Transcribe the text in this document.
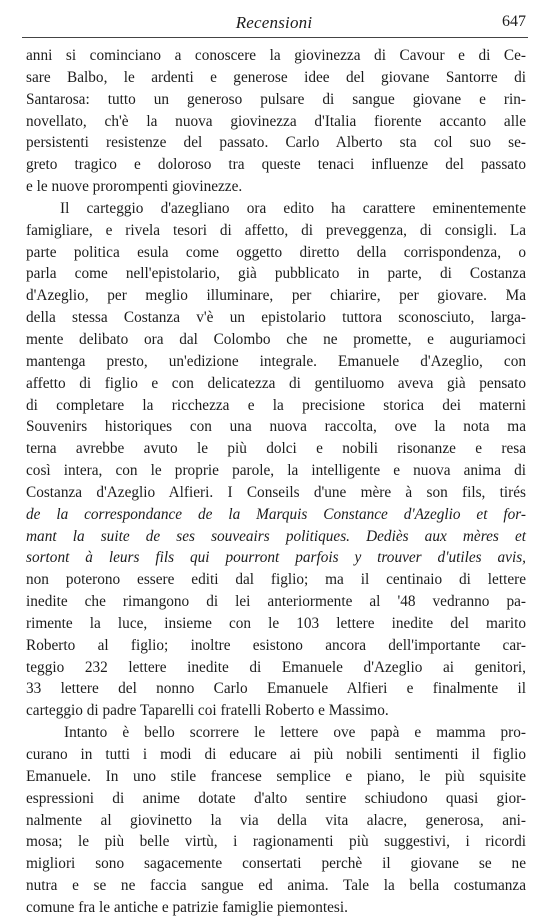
Recensioni	647
anni si cominciano a conoscere la giovinezza di Cavour e di Ce-
sare Balbo, le ardenti e generose idee del giovane Santorre di
Santarosa: tutto un generoso pulsare di sangue giovane e rin-
novellato, ch'è la nuova giovinezza d'Italia fiorente accanto alle
persistenti resistenze del passato. Carlo Alberto sta col suo se-
greto tragico e doloroso tra queste tenaci influenze del passato
e le nuove prorompenti giovinezze.
Il carteggio d'azegliano ora edito ha carattere eminentemente
famigliare, e rivela tesori di affetto, di preveggenza, di consigli. La
parte politica esula come oggetto diretto della corrispondenza, o
parla come nell'epistolario, già pubblicato in parte, di Costanza
d'Azeglio, per meglio illuminare, per chiarire, per giovare. Ma
della stessa Costanza v'è un epistolario tuttora sconosciuto, larga-
mente delibato ora dal Colombo che ne promette, e auguriamoci
mantenga presto, un'edizione integrale. Emanuele d'Azeglio, con
affetto di figlio e con delicatezza di gentiluomo aveva già pensato
di completare la ricchezza e la precisione storica dei materni
Souvenirs historiques con una nuova raccolta, ove la nota ma
terna avrebbe avuto le più dolci e nobili risonanze e resa
così intera, con le proprie parole, la intelligente e nuova anima di
Costanza d'Azeglio Alfieri. I Conseils d'une mère à son fils, tirés
de la correspondance de la Marquis Constance d'Azeglio et for-
mant la suite de ses souveairs politiques. Dediès aux mères et
sortont à leurs fils qui pourront parfois y trouver d'utiles avis,
non poterono essere editi dal figlio; ma il centinaio di lettere
inedite che rimangono di lei anteriormente al '48 vedranno pa-
rimente la luce, insieme con le 103 lettere inedite del marito
Roberto al figlio; inoltre esistono ancora dell'importante car-
teggio 232 lettere inedite di Emanuele d'Azeglio ai genitori,
33 lettere del nonno Carlo Emanuele Alfieri e finalmente il
carteggio di padre Taparelli coi fratelli Roberto e Massimo.
Intanto è bello scorrere le lettere ove papà e mamma pro-
curano in tutti i modi di educare ai più nobili sentimenti il figlio
Emanuele. In uno stile francese semplice e piano, le più squisite
espressioni di anime dotate d'alto sentire schiudono quasi gior-
nalmente al giovinetto la via della vita alacre, generosa, ani-
mosa; le più belle virtù, i ragionamenti più suggestivi, i ricordi
migliori sono sagacemente consertati perchè il giovane se ne
nutra e se ne faccia sangue ed anima. Tale la bella costumanza
comune fra le antiche e patrizie famiglie piemontesi.
